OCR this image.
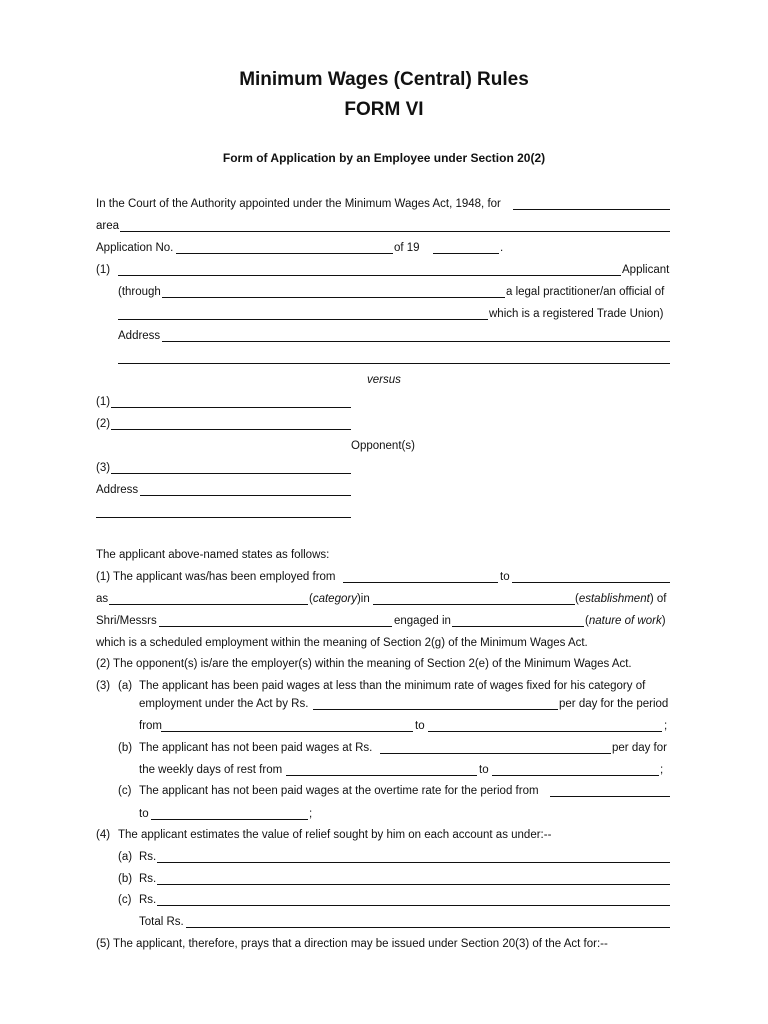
Minimum Wages (Central) Rules
FORM VI
Form of Application by an Employee under Section 20(2)
In the Court of the Authority appointed under the Minimum Wages Act, 1948, for
area
Application No.	of 19	.
(1)	Applicant
(through	a legal practitioner/an official of
which is a registered Trade Union)
Address
versus
(1)
(2)
Opponent(s)
(3)
Address
The applicant above-named states as follows:
(1) The applicant was/has been employed from	to
as	(category)in	(establishment) of
Shri/Messrs	engaged in	(nature of work)
which is a scheduled employment within the meaning of Section 2(g) of the Minimum Wages Act.
(2) The opponent(s) is/are the employer(s) within the meaning of Section 2(e) of the Minimum Wages Act.
(3) (a) The applicant has been paid wages at less than the minimum rate of wages fixed for his category of
employment under the Act by Rs.	per day for the period
from	to	;
(b) The applicant has not been paid wages at Rs.	per day for
the weekly days of rest from	to	;
(c) The applicant has not been paid wages at the overtime rate for the period from
to	;
(4) The applicant estimates the value of relief sought by him on each account as under:--
(a) Rs.
(b) Rs.
(c) Rs.
Total Rs.
(5) The applicant, therefore, prays that a direction may be issued under Section 20(3) of the Act for:--
